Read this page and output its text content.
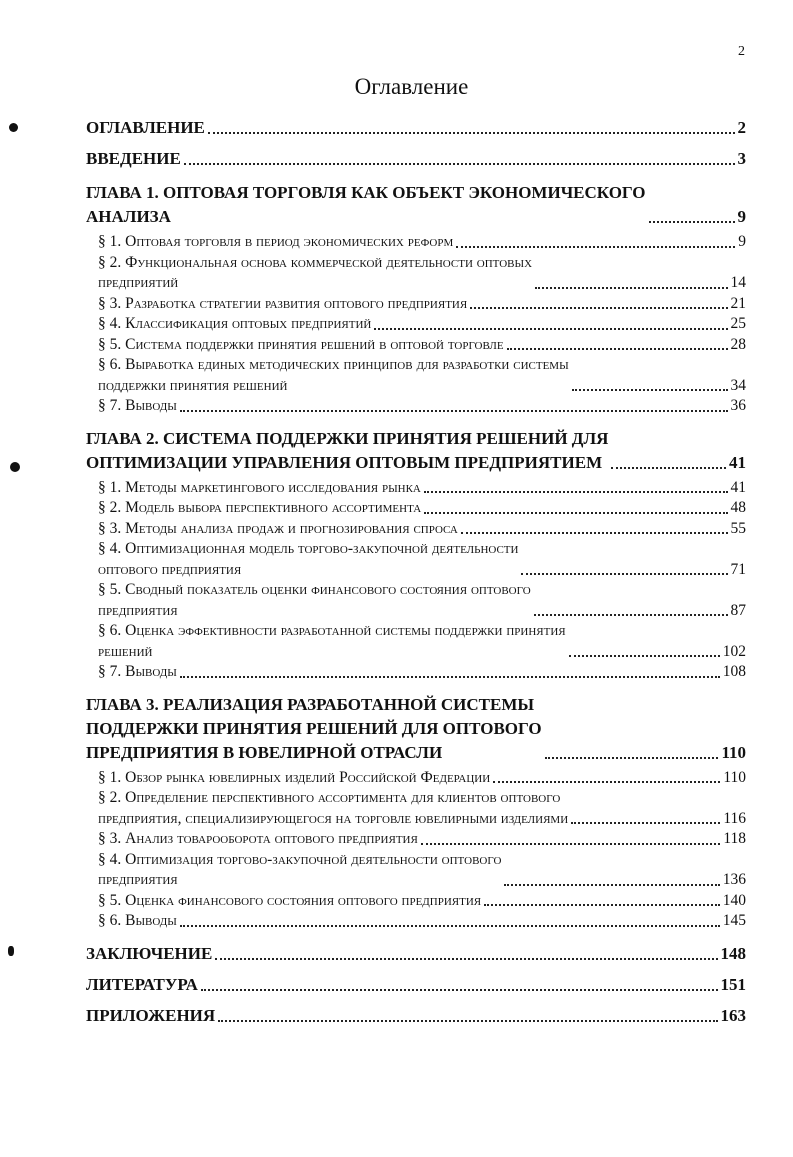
2
Оглавление
ОГЛАВЛЕНИЕ	2
ВВЕДЕНИЕ	3
ГЛАВА 1. ОПТОВАЯ ТОРГОВЛЯ КАК ОБЪЕКТ ЭКОНОМИЧЕСКОГО
АНАЛИЗА	9
§ 1. Оптовая торговля в период экономических реформ	9
§ 2. Функциональная основа коммерческой деятельности оптовых
предприятий	14
§ 3. Разработка стратегии развития оптового предприятия	21
§ 4. Классификация оптовых предприятий	25
§ 5. Система поддержки принятия решений в оптовой торговле	28
§ 6. Выработка единых методических принципов для разработки системы
поддержки принятия решений	34
§ 7. Выводы	36
ГЛАВА 2. СИСТЕМА ПОДДЕРЖКИ ПРИНЯТИЯ РЕШЕНИЙ ДЛЯ
ОПТИМИЗАЦИИ УПРАВЛЕНИЯ ОПТОВЫМ ПРЕДПРИЯТИЕМ	41
§ 1. Методы маркетингового исследования рынка	41
§ 2. Модель выбора перспективного ассортимента	48
§ 3. Методы анализа продаж и прогнозирования спроса	55
§ 4. Оптимизационная модель торгово-закупочной деятельности
оптового предприятия	71
§ 5. Сводный показатель оценки финансового состояния оптового
предприятия	87
§ 6. Оценка эффективности разработанной системы поддержки принятия
решений	102
§ 7. Выводы	108
ГЛАВА 3. РЕАЛИЗАЦИЯ РАЗРАБОТАННОЙ СИСТЕМЫ
ПОДДЕРЖКИ ПРИНЯТИЯ РЕШЕНИЙ ДЛЯ ОПТОВОГО
ПРЕДПРИЯТИЯ В ЮВЕЛИРНОЙ ОТРАСЛИ	110
§ 1. Обзор рынка ювелирных изделий Российской Федерации	110
§ 2. Определение перспективного ассортимента для клиентов оптового
предприятия, специализирующегося на торговле ювелирными изделиями	116
§ 3. Анализ товарооборота оптового предприятия	118
§ 4. Оптимизация торгово-закупочной деятельности оптового
предприятия	136
§ 5. Оценка финансового состояния оптового предприятия	140
§ 6. Выводы	145
ЗАКЛЮЧЕНИЕ	148
ЛИТЕРАТУРА	151
ПРИЛОЖЕНИЯ	163
